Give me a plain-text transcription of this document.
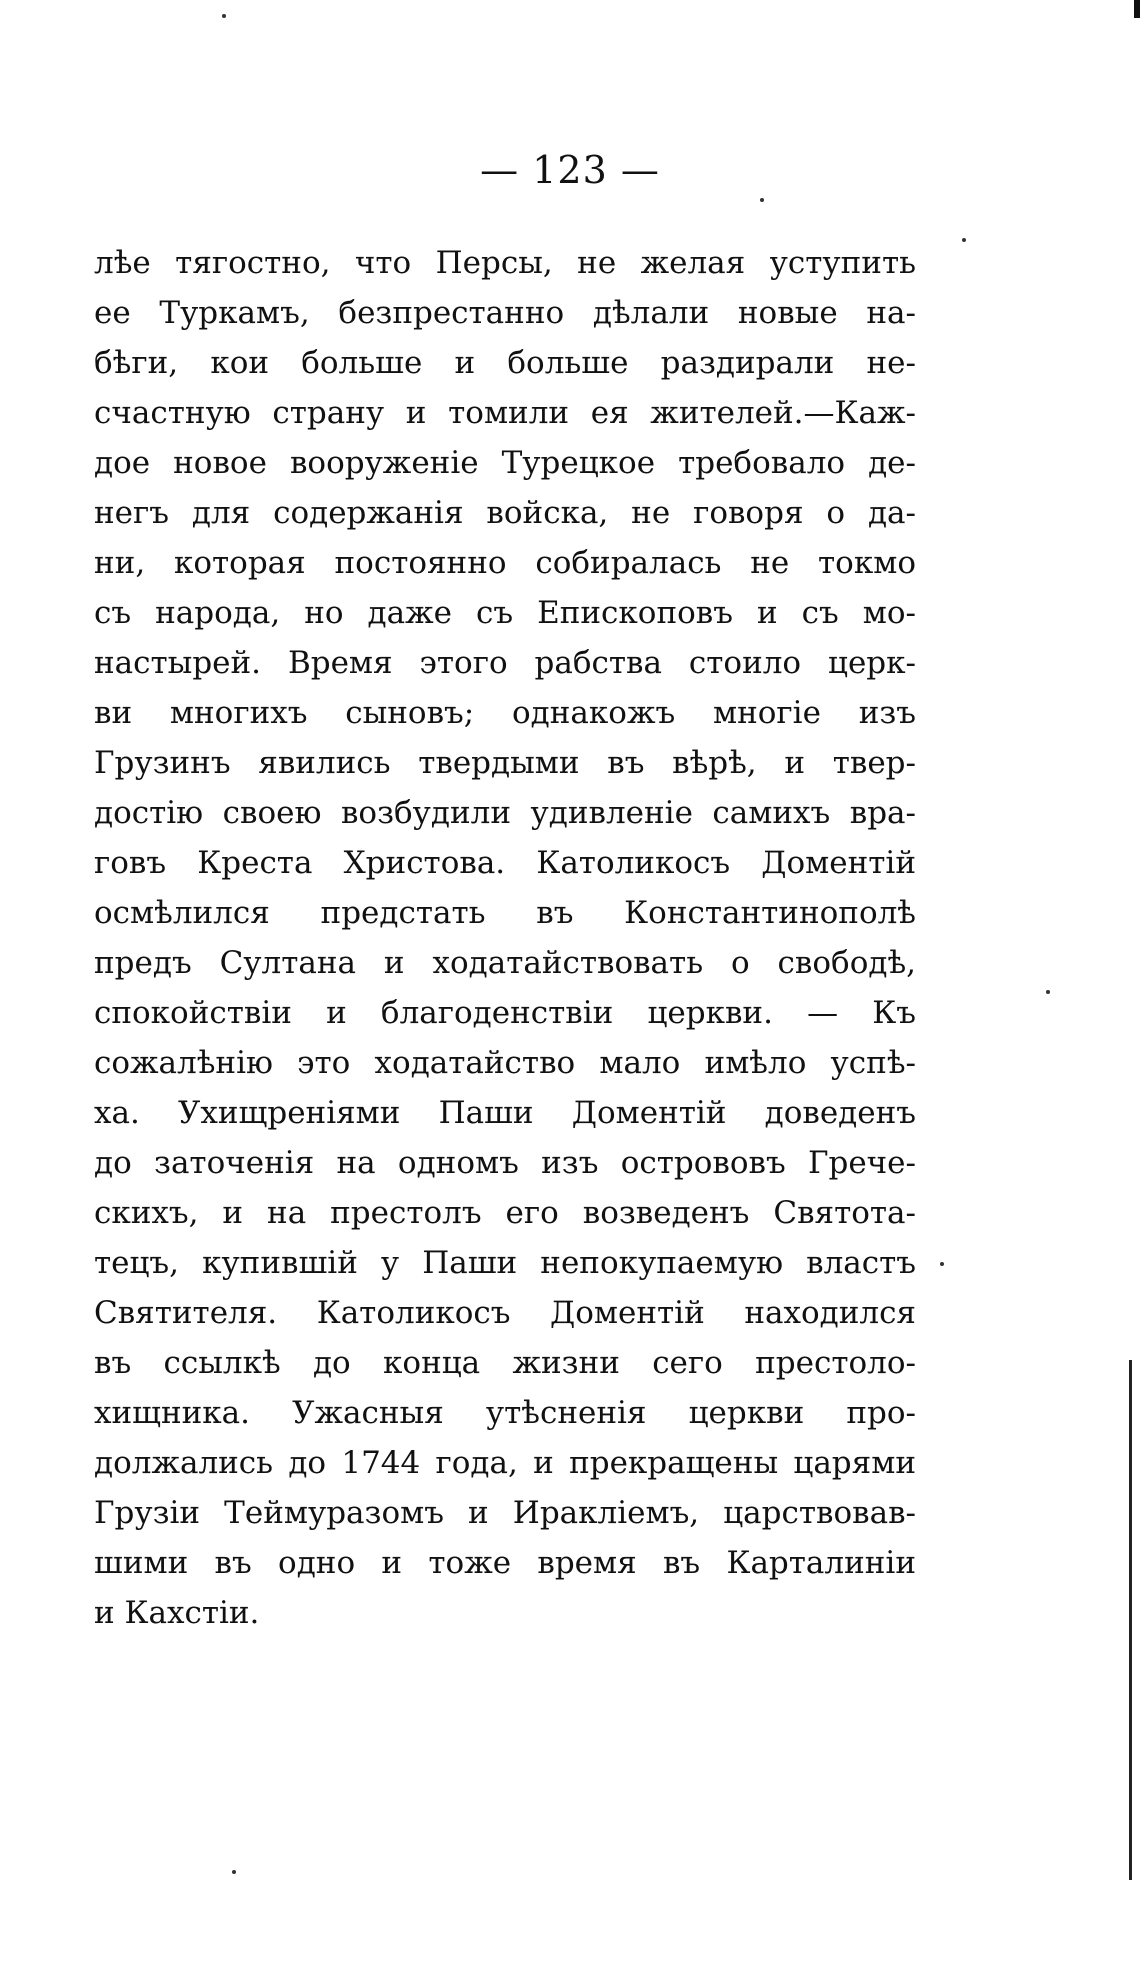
— 123 —
лѣе тягостно, что Персы, не желая уступить
ее Туркамъ, безпрестанно дѣлали новые на-
бѣги, кои больше и больше раздирали не-
счастную страну и томили ея жителей.—Каж-
дое новое вооруженіе Турецкое требовало де-
негъ для содержанія войска, не говоря о да-
ни, которая постоянно собиралась не токмо
съ народа, но даже съ Епископовъ и съ мо-
настырей. Время этого рабства стоило церк-
ви многихъ сыновъ; однакожъ многіе изъ
Грузинъ явились твердыми въ вѣрѣ, и твер-
достію своею возбудили удивленіе самихъ вра-
говъ Креста Христова. Католикосъ Доментій
осмѣлился предстать въ Константинополѣ
предъ Султана и ходатайствовать о свободѣ,
спокойствіи и благоденствіи церкви. — Къ
сожалѣнію это ходатайство мало имѣло успѣ-
ха. Ухищреніями Паши Доментій доведенъ
до заточенія на одномъ изъ острововъ Грече-
скихъ, и на престолъ его возведенъ Святота-
тецъ, купившій у Паши непокупаемую властъ
Святителя. Католикосъ Доментій находился
въ ссылкѣ до конца жизни сего престоло-
хищника. Ужасныя утѣсненія церкви про-
должались до 1744 года, и прекращены царями
Грузіи Теймуразомъ и Ираклiемъ, царствовав-
шими въ одно и тоже время въ Карталиніи
и Кахстіи.
